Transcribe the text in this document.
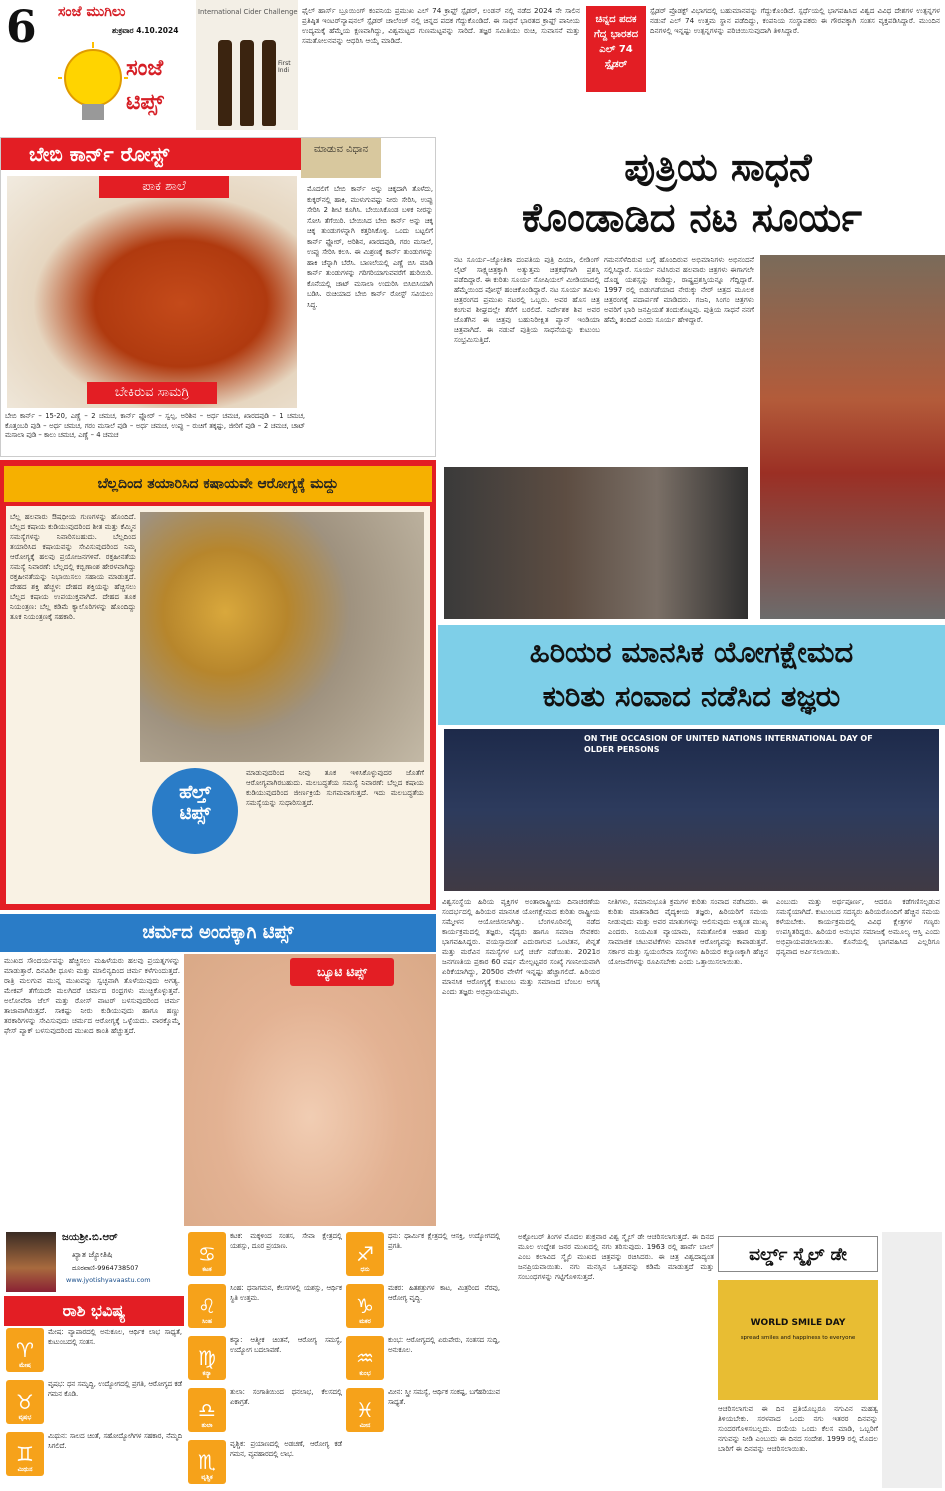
6	ಸಂಜೆ ಮುಗಿಲು
ಶುಕ್ರವಾರ 4.10.2024
ಸಂಜೆ ಟಿಪ್ಸ್
International Cider Challenge
First Indi
ಫೈಲ್ ಹಾರ್ಸ್ ಬ್ರೂಯಿಂಗ್ ಕಂಪನಿಯ ಪ್ರಮುಖ ಎಲ್ 74 ಕ್ರಾಫ್ಟ್ ಸ್ಪೈಡರ್, ಲಂಡನ್ ನಲ್ಲಿ ನಡೆದ 2024 ನೇ ಸಾಲಿನ ಪ್ರತಿಷ್ಠಿತ ಇಂಟರ್‌ನ್ಯಾಷನಲ್ ಸ್ಪೈಡರ್ ಚಾಲೆಂಜ್ ನಲ್ಲಿ ಚಿನ್ನದ ಪದಕ ಗೆದ್ದುಕೊಂಡಿದೆ. ಈ ಸಾಧನೆ ಭಾರತದ ಕ್ರಾಫ್ಟ್ ಪಾನೀಯ ಉದ್ಯಮಕ್ಕೆ ಹೆಮ್ಮೆಯ ಕ್ಷಣವಾಗಿದ್ದು, ವಿಶ್ವಮಟ್ಟದ ಗುಣಮಟ್ಟವನ್ನು ಸಾರಿದೆ. ತಜ್ಞರ ಸಮಿತಿಯು ರುಚಿ, ಸುವಾಸನೆ ಮತ್ತು ಸಮತೋಲನವನ್ನು ಆಧರಿಸಿ ಆಯ್ಕೆ ಮಾಡಿದೆ.
ಚಿನ್ನದ ಪದಕ ಗೆದ್ದ ಭಾರತದ ಎಲ್ 74 ಸ್ಪೈಡರ್
ಸ್ಪೈಡರ್ ಪ್ರೊಡಕ್ಟ್ ವಿಭಾಗದಲ್ಲಿ ಬಹುಮಾನವನ್ನು ಗೆದ್ದುಕೊಂಡಿದೆ. ಸ್ಪರ್ಧೆಯಲ್ಲಿ ಭಾಗವಹಿಸಿದ ವಿಶ್ವದ ವಿವಿಧ ದೇಶಗಳ ಉತ್ಪನ್ನಗಳ ನಡುವೆ ಎಲ್ 74 ಉತ್ತಮ ಸ್ಥಾನ ಪಡೆದಿದ್ದು, ಕಂಪನಿಯ ಸಂಸ್ಥಾಪಕರು ಈ ಗೌರವಕ್ಕಾಗಿ ಸಂತಸ ವ್ಯಕ್ತಪಡಿಸಿದ್ದಾರೆ. ಮುಂದಿನ ದಿನಗಳಲ್ಲಿ ಇನ್ನಷ್ಟು ಉತ್ಪನ್ನಗಳನ್ನು ಪರಿಚಯಿಸುವುದಾಗಿ ತಿಳಿಸಿದ್ದಾರೆ.
ಬೇಬಿ ಕಾರ್ನ್ ರೋಸ್ಟ್	ಮಾಡುವ ವಿಧಾನ
ಪಾಕ ಶಾಲೆ
ಬೇಕಿರುವ ಸಾಮಗ್ರಿ
ಬೇಬಿ ಕಾರ್ನ್ – 15-20, ಎಣ್ಣೆ – 2 ಚಮಚ, ಕಾರ್ನ್ ಫ್ಲೋರ್ – ಸ್ವಲ್ಪ, ಅರಿಶಿನ – ಅರ್ಧ ಚಮಚ, ಖಾರದಪುಡಿ – 1 ಚಮಚ, ಕೊತ್ತಂಬರಿ ಪುಡಿ – ಅರ್ಧ ಚಮಚ, ಗರಂ ಮಸಾಲೆ ಪುಡಿ – ಅರ್ಧ ಚಮಚ, ಉಪ್ಪು – ರುಚಿಗೆ ತಕ್ಕಷ್ಟು, ಜೀರಿಗೆ ಪುಡಿ – 2 ಚಮಚ, ಚಾಟ್ ಮಸಾಲಾ ಪುಡಿ – ಕಾಲು ಚಮಚ, ಎಣ್ಣೆ – 4 ಚಮಚ
ಮೊದಲಿಗೆ ಬೇಬಿ ಕಾರ್ನ್ ಅನ್ನು ಚಿಕ್ಕದಾಗಿ ತೊಳೆದು, ಕುಕ್ಕರ್‌ನಲ್ಲಿ ಹಾಕಿ, ಮುಳುಗುವಷ್ಟು ನೀರು ಸೇರಿಸಿ, ಉಪ್ಪು ಸೇರಿಸಿ 2 ಶೀಟಿ ಕೂಗಿಸಿ. ಬೇಯಿಸಿಕೊಂಡ ಬಳಿಕ ನೀರನ್ನು ಸೋಸಿ ತೆಗೆಯಿರಿ. ಬೇಯಿಸಿದ ಬೇಬಿ ಕಾರ್ನ್ ಅನ್ನು ಚಿಕ್ಕ ಚಿಕ್ಕ ತುಂಡುಗಳನ್ನಾಗಿ ಕತ್ತರಿಸಿಕೊಳ್ಳಿ. ಒಂದು ಬಟ್ಟಲಿಗೆ ಕಾರ್ನ್ ಫ್ಲೋರ್, ಅರಿಶಿನ, ಖಾರದಪುಡಿ, ಗರಂ ಮಸಾಲೆ, ಉಪ್ಪು ಸೇರಿಸಿ ಕಲಸಿ. ಈ ಮಿಶ್ರಣಕ್ಕೆ ಕಾರ್ನ್ ತುಂಡುಗಳನ್ನು ಹಾಕಿ ಚೆನ್ನಾಗಿ ಬೆರೆಸಿ. ಬಾಣಲೆಯಲ್ಲಿ ಎಣ್ಣೆ ಬಿಸಿ ಮಾಡಿ ಕಾರ್ನ್ ತುಂಡುಗಳನ್ನು ಗರಿಗರಿಯಾಗುವವರೆಗೆ ಹುರಿಯಿರಿ. ಕೊನೆಯಲ್ಲಿ ಚಾಟ್ ಮಸಾಲಾ ಉದುರಿಸಿ ಬಿಸಿಬಿಸಿಯಾಗಿ ಬಡಿಸಿ. ರುಚಿಯಾದ ಬೇಬಿ ಕಾರ್ನ್ ರೋಸ್ಟ್ ಸವಿಯಲು ಸಿದ್ಧ.
ಪುತ್ರಿಯ ಸಾಧನೆ
ಕೊಂಡಾಡಿದ ನಟ ಸೂರ್ಯ
ನಟ ಸೂರ್ಯ–ಜ್ಯೋತಿಕಾ ದಂಪತಿಯ ಪುತ್ರಿ ದಿಯಾ, ಲೀಡಿಂಗ್ ಲೈಟ್ ಸಾಕ್ಷ್ಯಚಿತ್ರಕ್ಕಾಗಿ ಅತ್ಯುತ್ತಮ ಚಿತ್ರಕಥೆಗಾಗಿ ಪ್ರಶಸ್ತಿ ಪಡೆದಿದ್ದಾರೆ. ಈ ಕುರಿತು ಸೂರ್ಯ ಸೋಷಿಯಲ್ ಮೀಡಿಯಾದಲ್ಲಿ ಹೆಮ್ಮೆಯಿಂದ ಪೋಸ್ಟ್ ಹಂಚಿಕೊಂಡಿದ್ದಾರೆ. ನಟ ಸೂರ್ಯ ತಮಿಳು ಚಿತ್ರರಂಗದ ಪ್ರಮುಖ ನಟರಲ್ಲಿ ಒಬ್ಬರು. ಅವರ ಹೊಸ ಚಿತ್ರ ಕಂಗುವ ಶೀಘ್ರದಲ್ಲೇ ತೆರೆಗೆ ಬರಲಿದೆ. ನಿರ್ದೇಶಕ ಶಿವ ಅವರ ಜೊತೆಗಿನ ಈ ಚಿತ್ರವು ಬಹುನಿರೀಕ್ಷಿತ ಪ್ಯಾನ್ ಇಂಡಿಯಾ ಚಿತ್ರವಾಗಿದೆ. ಈ ನಡುವೆ ಪುತ್ರಿಯ ಸಾಧನೆಯನ್ನು ಕುಟುಂಬ ಸಂಭ್ರಮಿಸುತ್ತಿದೆ.
ಗಮನಸೆಳೆದಿರುವ ಬಗ್ಗೆ ಹೊಂದಿರುವ ಅಭಿಮಾನಿಗಳು ಅಭಿನಂದನೆ ಸಲ್ಲಿಸಿದ್ದಾರೆ. ಸೂರ್ಯ ನಟಿಸಿರುವ ಹಲವಾರು ಚಿತ್ರಗಳು ಈಗಾಗಲೇ ದೊಡ್ಡ ಯಶಸ್ಸನ್ನು ಕಂಡಿದ್ದು, ರಾಷ್ಟ್ರಪ್ರಶಸ್ತಿಯನ್ನೂ ಗೆದ್ದಿದ್ದಾರೆ. 1997 ರಲ್ಲಿ ಬಿಡುಗಡೆಯಾದ ನೇರುಕ್ಕು ನೇರ್ ಚಿತ್ರದ ಮೂಲಕ ಚಿತ್ರರಂಗಕ್ಕೆ ಪದಾರ್ಪಣೆ ಮಾಡಿದರು. ಗಜನಿ, ಸಿಂಗಂ ಚಿತ್ರಗಳು ಅವರಿಗೆ ಭಾರಿ ಜನಪ್ರಿಯತೆ ತಂದುಕೊಟ್ಟವು. ಪುತ್ರಿಯ ಸಾಧನೆ ನನಗೆ ಹೆಮ್ಮೆ ತಂದಿದೆ ಎಂದು ಸೂರ್ಯ ಹೇಳಿದ್ದಾರೆ.
ಬೆಲ್ಲದಿಂದ ತಯಾರಿಸಿದ ಕಷಾಯವೇ ಆರೋಗ್ಯಕ್ಕೆ ಮದ್ದು
ಬೆಲ್ಲ ಹಲವಾರು ಔಷಧೀಯ ಗುಣಗಳನ್ನು ಹೊಂದಿದೆ. ಬೆಲ್ಲದ ಕಷಾಯ ಕುಡಿಯುವುದರಿಂದ ಶೀತ ಮತ್ತು ಕೆಮ್ಮಿನ ಸಮಸ್ಯೆಗಳನ್ನು ನಿವಾರಿಸಬಹುದು. ಬೆಲ್ಲದಿಂದ ತಯಾರಿಸಿದ ಕಷಾಯವನ್ನು ಸೇವಿಸುವುದರಿಂದ ನಿಮ್ಮ ಆರೋಗ್ಯಕ್ಕೆ ಹಲವು ಪ್ರಯೋಜನಗಳಿವೆ. ರಕ್ತಹೀನತೆಯ ಸಮಸ್ಯೆ ನಿವಾರಣೆ: ಬೆಲ್ಲದಲ್ಲಿ ಕಬ್ಬಿಣಾಂಶ ಹೇರಳವಾಗಿದ್ದು ರಕ್ತಹೀನತೆಯನ್ನು ನಿಭಾಯಿಸಲು ಸಹಾಯ ಮಾಡುತ್ತದೆ. ದೇಹದ ಶಕ್ತಿ ಹೆಚ್ಚಳ: ದೇಹದ ಶಕ್ತಿಯನ್ನು ಹೆಚ್ಚಿಸಲು ಬೆಲ್ಲದ ಕಷಾಯ ಉಪಯುಕ್ತವಾಗಿದೆ. ದೇಹದ ತೂಕ ನಿಯಂತ್ರಣ: ಬೆಲ್ಲ ಕಡಿಮೆ ಕ್ಯಾಲೊರಿಗಳನ್ನು ಹೊಂದಿದ್ದು ತೂಕ ನಿಯಂತ್ರಣಕ್ಕೆ ಸಹಕಾರಿ.
ಹೆಲ್ತ್
ಟಿಪ್ಸ್
ಮಾಡುವುದರಿಂದ ನೀವು ತೂಕ ಇಳಿಸಿಕೊಳ್ಳುವುದರ ಜೊತೆಗೆ ಆರೋಗ್ಯವಾಗಿರಬಹುದು. ಮಲಬದ್ಧತೆಯ ಸಮಸ್ಯೆ ನಿವಾರಣೆ: ಬೆಲ್ಲದ ಕಷಾಯ ಕುಡಿಯುವುದರಿಂದ ಜೀರ್ಣಕ್ರಿಯೆ ಸುಗಮವಾಗುತ್ತದೆ. ಇದು ಮಲಬದ್ಧತೆಯ ಸಮಸ್ಯೆಯನ್ನು ಸುಧಾರಿಸುತ್ತದೆ.
ಹಿರಿಯರ ಮಾನಸಿಕ ಯೋಗಕ್ಷೇಮದ
ಕುರಿತು ಸಂವಾದ ನಡೆಸಿದ ತಜ್ಞರು
ON THE OCCASION OF UNITED NATIONS INTERNATIONAL DAY OF OLDER PERSONS
ವಿಶ್ವಸಂಸ್ಥೆಯ ಹಿರಿಯ ವ್ಯಕ್ತಿಗಳ ಅಂತಾರಾಷ್ಟ್ರೀಯ ದಿನಾಚರಣೆಯ ಸಂದರ್ಭದಲ್ಲಿ ಹಿರಿಯರ ಮಾನಸಿಕ ಯೋಗಕ್ಷೇಮದ ಕುರಿತು ರಾಷ್ಟ್ರೀಯ ಸಮ್ಮೇಳನ ಆಯೋಜಿಸಲಾಗಿತ್ತು. ಬೆಂಗಳೂರಿನಲ್ಲಿ ನಡೆದ ಕಾರ್ಯಕ್ರಮದಲ್ಲಿ ತಜ್ಞರು, ವೈದ್ಯರು ಹಾಗೂ ಸಮಾಜ ಸೇವಕರು ಭಾಗವಹಿಸಿದ್ದರು. ವಯಸ್ಸಾದಂತೆ ಎದುರಾಗುವ ಒಂಟಿತನ, ಖಿನ್ನತೆ ಮತ್ತು ಮರೆವಿನ ಸಮಸ್ಯೆಗಳ ಬಗ್ಗೆ ಚರ್ಚೆ ನಡೆಯಿತು. 2021ರ ಜನಗಣತಿಯ ಪ್ರಕಾರ 60 ವರ್ಷ ಮೇಲ್ಪಟ್ಟವರ ಸಂಖ್ಯೆ ಗಣನೀಯವಾಗಿ ಏರಿಕೆಯಾಗಿದ್ದು, 2050ರ ವೇಳೆಗೆ ಇನ್ನಷ್ಟು ಹೆಚ್ಚಾಗಲಿದೆ. ಹಿರಿಯರ ಮಾನಸಿಕ ಆರೋಗ್ಯಕ್ಕೆ ಕುಟುಂಬ ಮತ್ತು ಸಮಾಜದ ಬೆಂಬಲ ಅಗತ್ಯ ಎಂದು ತಜ್ಞರು ಅಭಿಪ್ರಾಯಪಟ್ಟರು.
ನೀತಿಗಳು, ಸಮಾನುಭೂತಿ ಕ್ರಮಗಳ ಕುರಿತು ಸಂವಾದ ನಡೆಸಿದರು. ಈ ಕುರಿತು ಮಾತನಾಡಿದ ವೈದ್ಯಕೀಯ ತಜ್ಞರು, ಹಿರಿಯರಿಗೆ ಸಮಯ ನೀಡುವುದು ಮತ್ತು ಅವರ ಮಾತುಗಳನ್ನು ಆಲಿಸುವುದು ಅತ್ಯಂತ ಮುಖ್ಯ ಎಂದರು. ನಿಯಮಿತ ವ್ಯಾಯಾಮ, ಸಮತೋಲಿತ ಆಹಾರ ಮತ್ತು ಸಾಮಾಜಿಕ ಚಟುವಟಿಕೆಗಳು ಮಾನಸಿಕ ಆರೋಗ್ಯವನ್ನು ಕಾಪಾಡುತ್ತವೆ. ಸರ್ಕಾರ ಮತ್ತು ಸ್ವಯಂಸೇವಾ ಸಂಸ್ಥೆಗಳು ಹಿರಿಯರ ಕಲ್ಯಾಣಕ್ಕಾಗಿ ಹೆಚ್ಚಿನ ಯೋಜನೆಗಳನ್ನು ರೂಪಿಸಬೇಕು ಎಂದು ಒತ್ತಾಯಿಸಲಾಯಿತು.
ಎಂಬುದು ಮತ್ತು ಅರ್ಥಪೂರ್ಣ, ಆದರೂ ಕಡೆಗಣಿಸಲ್ಪಡುವ ಸಮಸ್ಯೆಯಾಗಿದೆ. ಕುಟುಂಬದ ಸದಸ್ಯರು ಹಿರಿಯರೊಂದಿಗೆ ಹೆಚ್ಚಿನ ಸಮಯ ಕಳೆಯಬೇಕು. ಕಾರ್ಯಕ್ರಮದಲ್ಲಿ ವಿವಿಧ ಕ್ಷೇತ್ರಗಳ ಗಣ್ಯರು ಉಪಸ್ಥಿತರಿದ್ದರು. ಹಿರಿಯರ ಅನುಭವ ಸಮಾಜಕ್ಕೆ ಅಮೂಲ್ಯ ಆಸ್ತಿ ಎಂದು ಅಭಿಪ್ರಾಯಪಡಲಾಯಿತು. ಕೊನೆಯಲ್ಲಿ ಭಾಗವಹಿಸಿದ ಎಲ್ಲರಿಗೂ ಧನ್ಯವಾದ ಅರ್ಪಿಸಲಾಯಿತು.
ಚರ್ಮದ ಅಂದಕ್ಕಾಗಿ ಟಿಪ್ಸ್
ಮುಖದ ಸೌಂದರ್ಯವನ್ನು ಹೆಚ್ಚಿಸಲು ಮಹಿಳೆಯರು ಹಲವು ಪ್ರಯತ್ನಗಳನ್ನು ಮಾಡುತ್ತಾರೆ. ದಿನವಿಡೀ ಧೂಳು ಮತ್ತು ಮಾಲಿನ್ಯದಿಂದ ಚರ್ಮ ಕಳೆಗುಂದುತ್ತದೆ. ರಾತ್ರಿ ಮಲಗುವ ಮುನ್ನ ಮುಖವನ್ನು ಸ್ವಚ್ಛವಾಗಿ ತೊಳೆಯುವುದು ಅಗತ್ಯ. ಮೇಕಪ್ ತೆಗೆಯದೇ ಮಲಗಿದರೆ ಚರ್ಮದ ರಂಧ್ರಗಳು ಮುಚ್ಚಿಕೊಳ್ಳುತ್ತವೆ. ಅಲೋವೆರಾ ಜೆಲ್ ಮತ್ತು ರೋಸ್ ವಾಟರ್ ಬಳಸುವುದರಿಂದ ಚರ್ಮ ತಾಜಾವಾಗಿರುತ್ತದೆ. ಸಾಕಷ್ಟು ನೀರು ಕುಡಿಯುವುದು ಹಾಗೂ ಹಣ್ಣು ತರಕಾರಿಗಳನ್ನು ಸೇವಿಸುವುದು ಚರ್ಮದ ಆರೋಗ್ಯಕ್ಕೆ ಒಳ್ಳೆಯದು. ವಾರಕ್ಕೊಮ್ಮೆ ಫೇಸ್ ಪ್ಯಾಕ್ ಬಳಸುವುದರಿಂದ ಮುಖದ ಕಾಂತಿ ಹೆಚ್ಚುತ್ತದೆ.
ಬ್ಯೂಟಿ ಟಿಪ್ಸ್
ಜಯಶ್ರೀ.ಬಿ.ಆರ್
ಖ್ಯಾತ ಜ್ಯೋತಿಷಿ
ದೂರವಾಣಿ-9964738507
www.jyotishyavaastu.com
ರಾಶಿ ಭವಿಷ್ಯ
♈
ಮೇಷ
ಮೇಷ: ವ್ಯಾಪಾರದಲ್ಲಿ ಅನುಕೂಲ, ಆರ್ಥಿಕ ಲಾಭ ಸಾಧ್ಯತೆ, ಕುಟುಂಬದಲ್ಲಿ ಸಂತಸ.
♉
ವೃಷಭ
ವೃಷಭ: ಧನ ಸಮೃದ್ಧಿ, ಉದ್ಯೋಗದಲ್ಲಿ ಪ್ರಗತಿ, ಆರೋಗ್ಯದ ಕಡೆ ಗಮನ ಕೊಡಿ.
♊
ಮಿಥುನ
ಮಿಥುನ: ಸಾಲದ ಚಿಂತೆ, ಸಹೋದ್ಯೋಗಿಗಳ ಸಹಕಾರ, ನೆಮ್ಮದಿ ಸಿಗಲಿದೆ.
♋
ಕಟಕ
ಕಟಕ: ಮಕ್ಕಳಿಂದ ಸಂತಸ, ಸೇವಾ ಕ್ಷೇತ್ರದಲ್ಲಿ ಯಶಸ್ಸು, ದೂರ ಪ್ರಯಾಣ.
♌
ಸಿಂಹ
ಸಿಂಹ: ಧನಾಗಮನ, ಕೆಲಸಗಳಲ್ಲಿ ಯಶಸ್ಸು, ಆರ್ಥಿಕ ಸ್ಥಿತಿ ಉತ್ತಮ.
♍
ಕನ್ಯಾ
ಕನ್ಯಾ: ಆತ್ಮೀಕ ಚಿಂತನೆ, ಆರೋಗ್ಯ ಸಮಸ್ಯೆ, ಉದ್ಯೋಗ ಬದಲಾವಣೆ.
♎
ತುಲಾ
ತುಲಾ: ಸಂಗಾತಿಯಿಂದ ಧನಲಾಭ, ಕೆಲಸದಲ್ಲಿ ಏಕಾಗ್ರತೆ.
♏
ವೃಶ್ಚಿಕ
ವೃಶ್ಚಿಕ: ಪ್ರಯಾಣದಲ್ಲಿ ಅಡಚಣೆ, ಆರೋಗ್ಯ ಕಡೆ ಗಮನ, ವ್ಯವಹಾರದಲ್ಲಿ ಲಾಭ.
♐
ಧನು
ಧನು: ಧಾರ್ಮಿಕ ಕ್ಷೇತ್ರದಲ್ಲಿ ಆಸಕ್ತಿ, ಉದ್ಯೋಗದಲ್ಲಿ ಪ್ರಗತಿ.
♑
ಮಕರ
ಮಕರ: ಹಿತಶತ್ರುಗಳ ಕಾಟ, ಮಿತ್ರರಿಂದ ನೆರವು, ಆರೋಗ್ಯ ವೃದ್ಧಿ.
♒
ಕುಂಭ
ಕುಂಭ: ಆರೋಗ್ಯದಲ್ಲಿ ಏರುಪೇರು, ಸಂತಸದ ಸುದ್ದಿ, ಅನುಕೂಲ.
♓
ಮೀನ
ಮೀನ: ಸ್ತ್ರೀ ಸಮಸ್ಯೆ, ಆರ್ಥಿಕ ಸಂಕಷ್ಟ, ಬಗೆಹರಿಯುವ ಸಾಧ್ಯತೆ.
ಅಕ್ಟೋಬರ್ ತಿಂಗಳ ಮೊದಲ ಶುಕ್ರವಾರ ವಿಶ್ವ ಸ್ಮೈಲ್ ಡೇ ಆಚರಿಸಲಾಗುತ್ತದೆ. ಈ ದಿನದ ಮೂಲ ಉದ್ದೇಶ ಜನರ ಮುಖದಲ್ಲಿ ನಗು ತರಿಸುವುದು. 1963 ರಲ್ಲಿ ಹಾರ್ವೆ ಬಾಲ್ ಎಂಬ ಕಲಾವಿದ ಸ್ಮೈಲಿ ಮುಖದ ಚಿತ್ರವನ್ನು ರಚಿಸಿದರು. ಈ ಚಿತ್ರ ವಿಶ್ವದಾದ್ಯಂತ ಜನಪ್ರಿಯವಾಯಿತು. ನಗು ಮನಸ್ಸಿನ ಒತ್ತಡವನ್ನು ಕಡಿಮೆ ಮಾಡುತ್ತದೆ ಮತ್ತು ಸಂಬಂಧಗಳನ್ನು ಗಟ್ಟಿಗೊಳಿಸುತ್ತದೆ.
ವರ್ಲ್ಡ್ ಸ್ಮೈಲ್ ಡೇ
WORLD SMILE DAY
spread smiles and happiness to everyone
ಆಚರಿಸಲಾಗುವ ಈ ದಿನ ಪ್ರತಿಯೊಬ್ಬರೂ ನಗುವಿನ ಮಹತ್ವ ತಿಳಿಯಬೇಕು. ಸರಳವಾದ ಒಂದು ನಗು ಇತರರ ದಿನವನ್ನು ಸುಂದರಗೊಳಿಸಬಲ್ಲದು. ದಯೆಯ ಒಂದು ಕೆಲಸ ಮಾಡಿ, ಒಬ್ಬರಿಗೆ ನಗುವನ್ನು ನೀಡಿ ಎಂಬುದು ಈ ದಿನದ ಸಂದೇಶ. 1999 ರಲ್ಲಿ ಮೊದಲ ಬಾರಿಗೆ ಈ ದಿನವನ್ನು ಆಚರಿಸಲಾಯಿತು.
